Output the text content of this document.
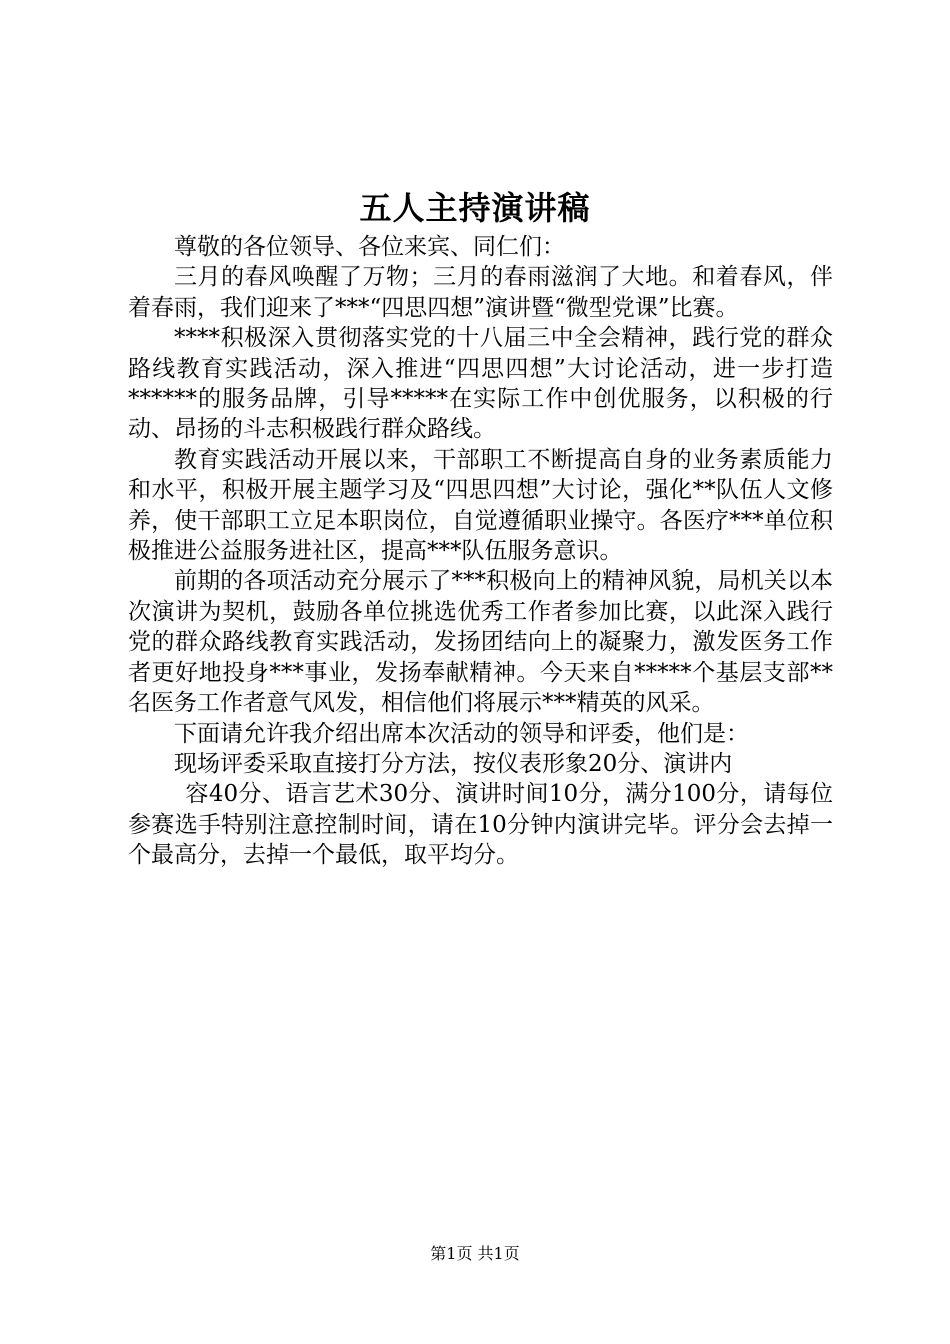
五人主持演讲稿

尊敬的各位领导、各位来宾、同仁们：

三月的春风唤醒了万物；三月的春雨滋润了大地。和着春风，伴着春雨，我们迎来了***“四思四想”演讲暨“微型党课”比赛。

****积极深入贯彻落实党的十八届三中全会精神，践行党的群众路线教育实践活动，深入推进“四思四想”大讨论活动，进一步打造******的服务品牌，引导*****在实际工作中创优服务，以积极的行动、昂扬的斗志积极践行群众路线。

教育实践活动开展以来，干部职工不断提高自身的业务素质能力和水平，积极开展主题学习及“四思四想”大讨论，强化**队伍人文修养，使干部职工立足本职岗位，自觉遵循职业操守。各医疗***单位积极推进公益服务进社区，提高***队伍服务意识。

前期的各项活动充分展示了***积极向上的精神风貌，局机关以本次演讲为契机，鼓励各单位挑选优秀工作者参加比赛，以此深入践行党的群众路线教育实践活动，发扬团结向上的凝聚力，激发医务工作者更好地投身***事业，发扬奉献精神。今天来自*****个基层支部**名医务工作者意气风发，相信他们将展示***精英的风采。

下面请允许我介绍出席本次活动的领导和评委，他们是：

现场评委采取直接打分方法，按仪表形象20分、演讲内

容40分、语言艺术30分、演讲时间10分，满分100分，请每位参赛选手特别注意控制时间，请在10分钟内演讲完毕。评分会去掉一个最高分，去掉一个最低，取平均分。

第1页 共1页
